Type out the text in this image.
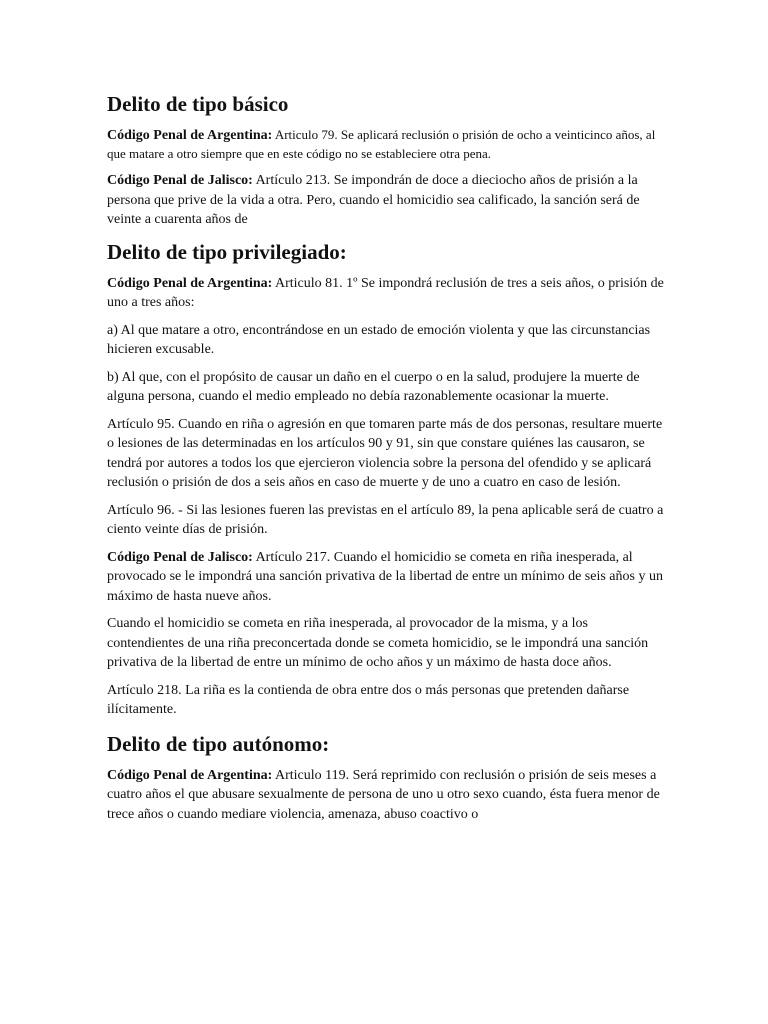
Delito de tipo básico

Código Penal de Argentina: Articulo 79. Se aplicará reclusión o prisión de ocho a veinticinco años, al que matare a otro siempre que en este código no se estableciere otra pena.

Código Penal de Jalisco: Artículo 213. Se impondrán de doce a dieciocho años de prisión a la persona que prive de la vida a otra. Pero, cuando el homicidio sea calificado, la sanción será de veinte a cuarenta años de

Delito de tipo privilegiado:

Código Penal de Argentina: Articulo 81. 1º Se impondrá reclusión de tres a seis años, o prisión de uno a tres años:

a) Al que matare a otro, encontrándose en un estado de emoción violenta y que las circunstancias hicieren excusable.

b) Al que, con el propósito de causar un daño en el cuerpo o en la salud, produjere la muerte de alguna persona, cuando el medio empleado no debía razonablemente ocasionar la muerte.

Artículo 95. Cuando en riña o agresión en que tomaren parte más de dos personas, resultare muerte o lesiones de las determinadas en los artículos 90 y 91, sin que constare quiénes las causaron, se tendrá por autores a todos los que ejercieron violencia sobre la persona del ofendido y se aplicará reclusión o prisión de dos a seis años en caso de muerte y de uno a cuatro en caso de lesión.

Artículo 96. - Si las lesiones fueren las previstas en el artículo 89, la pena aplicable será de cuatro a ciento veinte días de prisión.

Código Penal de Jalisco: Artículo 217. Cuando el homicidio se cometa en riña inesperada, al provocado se le impondrá una sanción privativa de la libertad de entre un mínimo de seis años y un máximo de hasta nueve años.

Cuando el homicidio se cometa en riña inesperada, al provocador de la misma, y a los contendientes de una riña preconcertada donde se cometa homicidio, se le impondrá una sanción privativa de la libertad de entre un mínimo de ocho años y un máximo de hasta doce años.

Artículo 218. La riña es la contienda de obra entre dos o más personas que pretenden dañarse ilícitamente.

Delito de tipo autónomo:

Código Penal de Argentina: Articulo 119. Será reprimido con reclusión o prisión de seis meses a cuatro años el que abusare sexualmente de persona de uno u otro sexo cuando, ésta fuera menor de trece años o cuando mediare violencia, amenaza, abuso coactivo o
